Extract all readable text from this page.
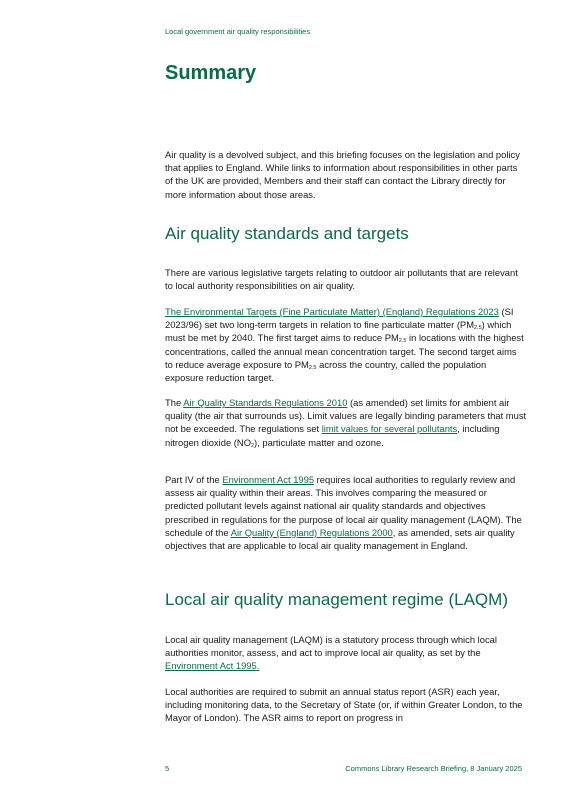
Local government air quality responsibilities
Summary

Air quality is a devolved subject, and this briefing focuses on the legislation and policy that applies to England. While links to information about responsibilities in other parts of the UK are provided, Members and their staff can contact the Library directly for more information about those areas.

Air quality standards and targets

There are various legislative targets relating to outdoor air pollutants that are relevant to local authority responsibilities on air quality.

The Environmental Targets (Fine Particulate Matter) (England) Regulations 2023 (SI 2023/96) set two long-term targets in relation to fine particulate matter $(PM_{2.5})$ which must be met by 2040. The first target aims to reduce $PM_{2.5}$ in locations with the highest concentrations, called the annual mean concentration target. The second target aims to reduce average exposure to $PM_{2.5}$ across the country, called the population exposure reduction target.

The Air Quality Standards Regulations 2010 (as amended) set limits for ambient air quality (the air that surrounds us). Limit values are legally binding parameters that must not be exceeded. The regulations set limit values for several pollutants, including nitrogen dioxide $(NO_2)$, particulate matter and ozone.

Part IV of the Environment Act 1995 requires local authorities to regularly review and assess air quality within their areas. This involves comparing the measured or predicted pollutant levels against national air quality standards and objectives prescribed in regulations for the purpose of local air quality management (LAQM). The schedule of the Air Quality (England) Regulations 2000, as amended, sets air quality objectives that are applicable to local air quality management in England.

Local air quality management regime (LAQM)

Local air quality management (LAQM) is a statutory process through which local authorities monitor, assess, and act to improve local air quality, as set by the Environment Act 1995.

Local authorities are required to submit an annual status report (ASR) each year, including monitoring data, to the Secretary of State (or, if within Greater London, to the Mayor of London). The ASR aims to report on progress in

5	Commons Library Research Briefing, 8 January 2025
